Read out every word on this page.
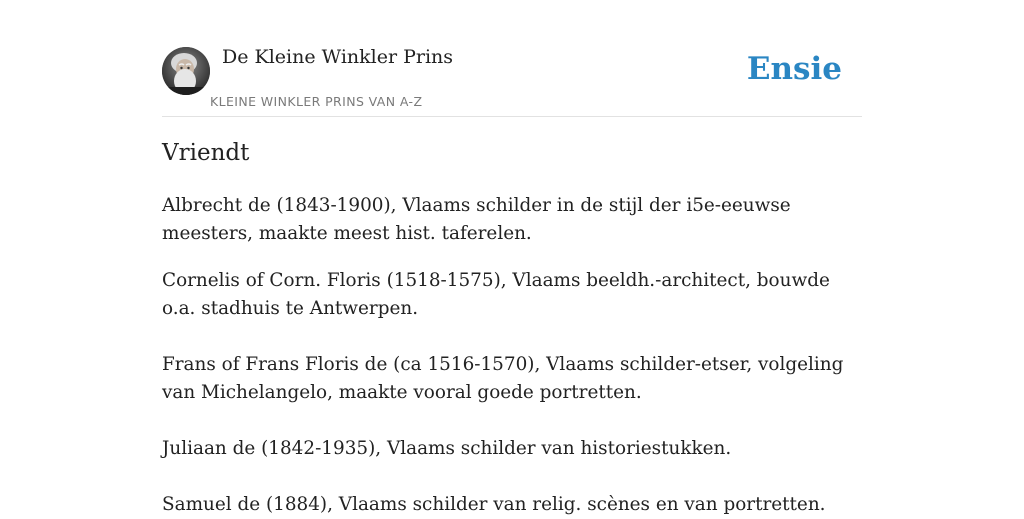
De Kleine Winkler Prins
KLEINE WINKLER PRINS VAN A-Z
Ensie
Vriendt

Albrecht de (1843-1900), Vlaams schilder in de stijl der i5e-eeuwse meesters, maakte meest hist. taferelen.

Cornelis of Corn. Floris (1518-1575), Vlaams beeldh.-architect, bouwde o.a. stadhuis te Antwerpen.

Frans of Frans Floris de (ca 1516-1570), Vlaams schilder-etser, volgeling van Michelangelo, maakte vooral goede portretten.

Juliaan de (1842-1935), Vlaams schilder van historiestukken.

Samuel de (1884), Vlaams schilder van relig. scènes en van portretten.
